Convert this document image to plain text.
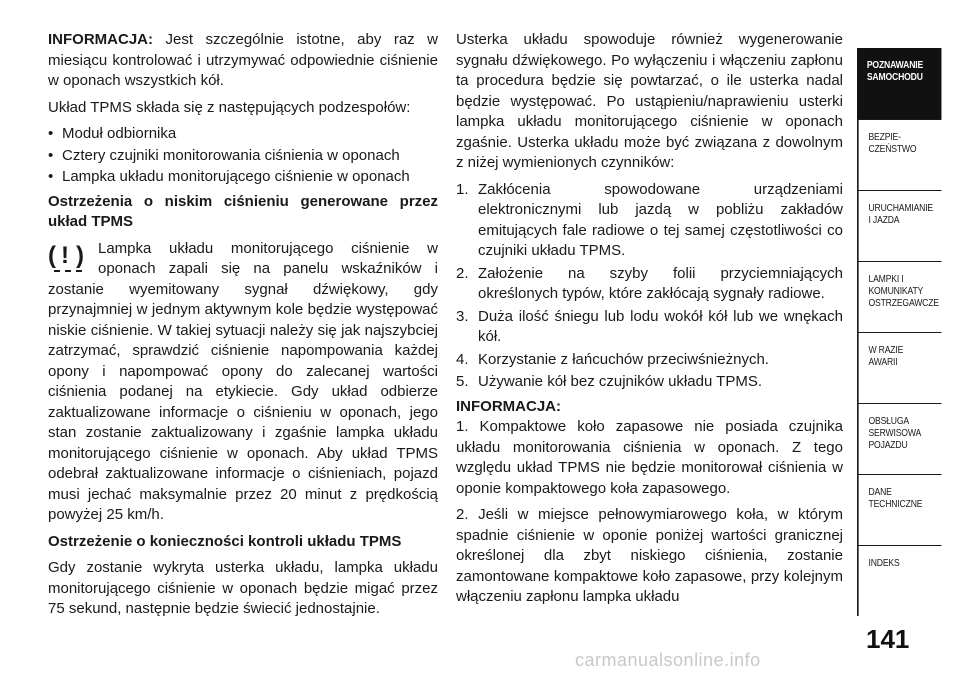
INFORMACJA: Jest szczególnie istotne, aby raz w miesiącu kontrolować i utrzymywać odpowiednie ciśnienie w oponach wszystkich kół.

Układ TPMS składa się z następujących podzespołów:

• Moduł odbiornika
• Cztery czujniki monitorowania ciśnienia w oponach
• Lampka układu monitorującego ciśnienie w oponach

Ostrzeżenia o niskim ciśnieniu generowane przez układ TPMS

( ! ) Lampka układu monitorującego ciśnienie w oponach zapali się na panelu wskaźników i zostanie wyemitowany sygnał dźwiękowy, gdy przynajmniej w jednym aktywnym kole będzie występować niskie ciśnienie. W takiej sytuacji należy się jak najszybciej zatrzymać, sprawdzić ciśnienie napompowania każdej opony i napompować opony do zalecanej wartości ciśnienia podanej na etykiecie. Gdy układ odbierze zaktualizowane informacje o ciśnieniu w oponach, jego stan zostanie zaktualizowany i zgaśnie lampka układu monitorującego ciśnienie w oponach. Aby układ TPMS odebrał zaktualizowane informacje o ciśnieniach, pojazd musi jechać maksymalnie przez 20 minut z prędkością powyżej 25 km/h.

Ostrzeżenie o konieczności kontroli układu TPMS

Gdy zostanie wykryta usterka układu, lampka układu monitorującego ciśnienie w oponach będzie migać przez 75 sekund, następnie będzie świecić jednostajnie.

Usterka układu spowoduje również wygenerowanie sygnału dźwiękowego. Po wyłączeniu i włączeniu zapłonu ta procedura będzie się powtarzać, o ile usterka nadal będzie występować. Po ustąpieniu/naprawieniu usterki lampka układu monitorującego ciśnienie w oponach zgaśnie. Usterka układu może być związana z dowolnym z niżej wymienionych czynników:

1. Zakłócenia spowodowane urządzeniami elektronicznymi lub jazdą w pobliżu zakładów emitujących fale radiowe o tej samej częstotliwości co czujniki układu TPMS.
2. Założenie na szyby folii przyciemniających określonych typów, które zakłócają sygnały radiowe.
3. Duża ilość śniegu lub lodu wokół kół lub we wnękach kół.
4. Korzystanie z łańcuchów przeciwśnieżnych.
5. Używanie kół bez czujników układu TPMS.

INFORMACJA:

1. Kompaktowe koło zapasowe nie posiada czujnika układu monitorowania ciśnienia w oponach. Z tego względu układ TPMS nie będzie monitorował ciśnienia w oponie kompaktowego koła zapasowego.

2. Jeśli w miejsce pełnowymiarowego koła, w którym spadnie ciśnienie w oponie poniżej wartości granicznej określonej dla zbyt niskiego ciśnienia, zostanie zamontowane kompaktowe koło zapasowe, przy kolejnym włączeniu zapłonu lampka układu

POZNAWANIE
SAMOCHODU
BEZPIE-
CZEŃSTWO
URUCHAMIANIE
I JAZDA
LAMPKI I
KOMUNIKATY
OSTRZEGAWCZE
W RAZIE
AWARII
OBSŁUGA
SERWISOWA
POJAZDU
DANE
TECHNICZNE
INDEKS
141
carmanualsonline.info
